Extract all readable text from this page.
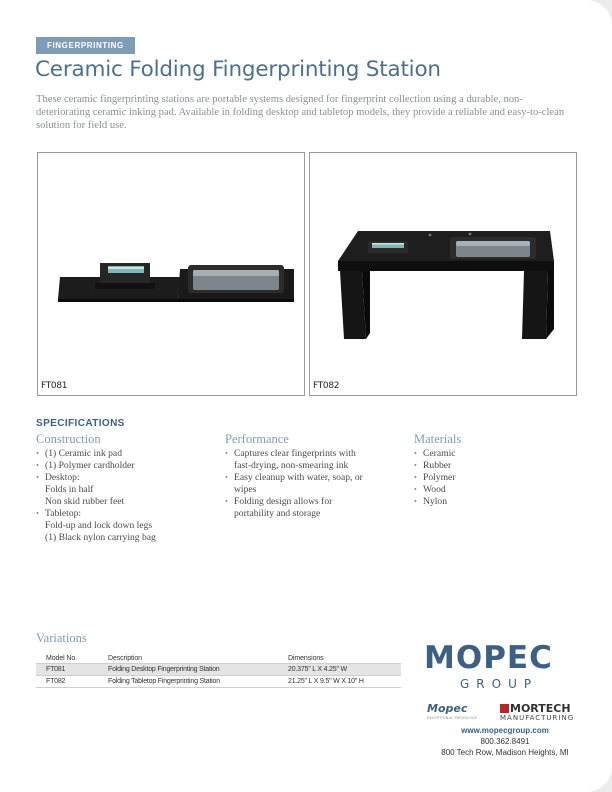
FINGERPRINTING
Ceramic Folding Fingerprinting Station

These ceramic fingerprinting stations are portable systems designed for fingerprint collection using a durable, non-deteriorating ceramic inking pad. Available in folding desktop and tabletop models, they provide a reliable and easy-to-clean solution for field use.

FT081	FT082
SPECIFICATIONS
Construction
• (1) Ceramic ink pad
• (1) Polymer cardholder
• Desktop:
Folds in half
Non skid rubber feet
• Tabletop:
Fold-up and lock down legs
(1) Black nylon carrying bag
Performance
• Captures clear fingerprints with
fast-drying, non-smearing ink
• Easy cleanup with water, soap, or
wipes
• Folding design allows for
portability and storage
Materials
• Ceramic
• Rubber
• Polymer
• Wood
• Nylon
Variations
Model No.	Description	Dimensions
FT081	Folding Desktop Fingerprinting Station	20.375" L X 4.25" W
FT082	Folding Tabletop Fingerprinting Station	21.25" L X 9.5" W X 10" H
MOPEC
GROUP
Mopec
EXCEPTIONAL PATHOLOGY
MORTECH
MANUFACTURING
www.mopecgroup.com
800.362.8491
800 Tech Row, Madison Heights, MI
